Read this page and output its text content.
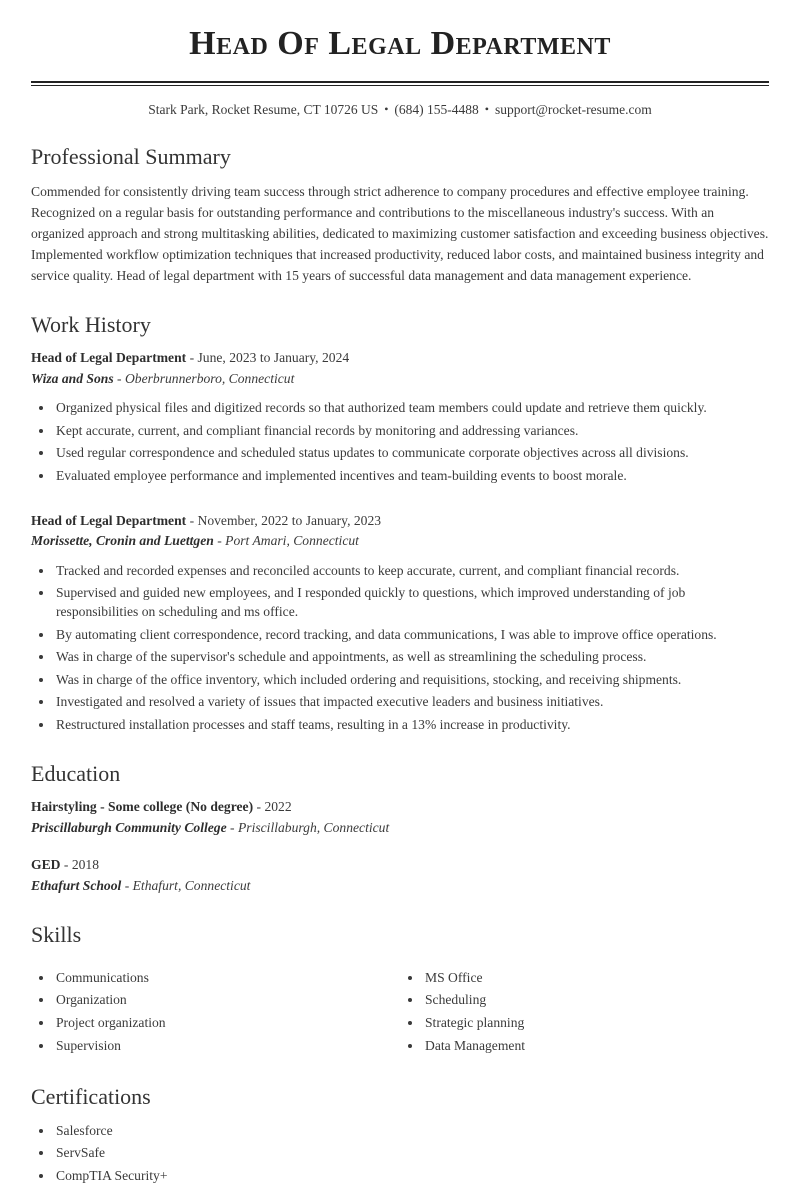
Head Of Legal Department

Stark Park, Rocket Resume, CT 10726 US • (684) 155-4488 • support@rocket-resume.com

Professional Summary

Commended for consistently driving team success through strict adherence to company procedures and effective employee training. Recognized on a regular basis for outstanding performance and contributions to the miscellaneous industry's success. With an organized approach and strong multitasking abilities, dedicated to maximizing customer satisfaction and exceeding business objectives. Implemented workflow optimization techniques that increased productivity, reduced labor costs, and maintained business integrity and service quality. Head of legal department with 15 years of successful data management and data management experience.

Work History

Head of Legal Department - June, 2023 to January, 2024

Wiza and Sons - Oberbrunnerboro, Connecticut

• Organized physical files and digitized records so that authorized team members could update and retrieve them quickly.
• Kept accurate, current, and compliant financial records by monitoring and addressing variances.
• Used regular correspondence and scheduled status updates to communicate corporate objectives across all divisions.
• Evaluated employee performance and implemented incentives and team-building events to boost morale.

Head of Legal Department - November, 2022 to January, 2023

Morissette, Cronin and Luettgen - Port Amari, Connecticut

• Tracked and recorded expenses and reconciled accounts to keep accurate, current, and compliant financial records.
• Supervised and guided new employees, and I responded quickly to questions, which improved understanding of job responsibilities on scheduling and ms office.
• By automating client correspondence, record tracking, and data communications, I was able to improve office operations.
• Was in charge of the supervisor's schedule and appointments, as well as streamlining the scheduling process.
• Was in charge of the office inventory, which included ordering and requisitions, stocking, and receiving shipments.
• Investigated and resolved a variety of issues that impacted executive leaders and business initiatives.
• Restructured installation processes and staff teams, resulting in a 13% increase in productivity.
Education

Hairstyling - Some college (No degree) - 2022

Priscillaburgh Community College - Priscillaburgh, Connecticut

GED - 2018

Ethafurt School - Ethafurt, Connecticut

Skills
• Communications
• Organization
• Project organization
• Supervision
• MS Office
• Scheduling
• Strategic planning
• Data Management
Certifications
• Salesforce
• ServSafe
• CompTIA Security+
